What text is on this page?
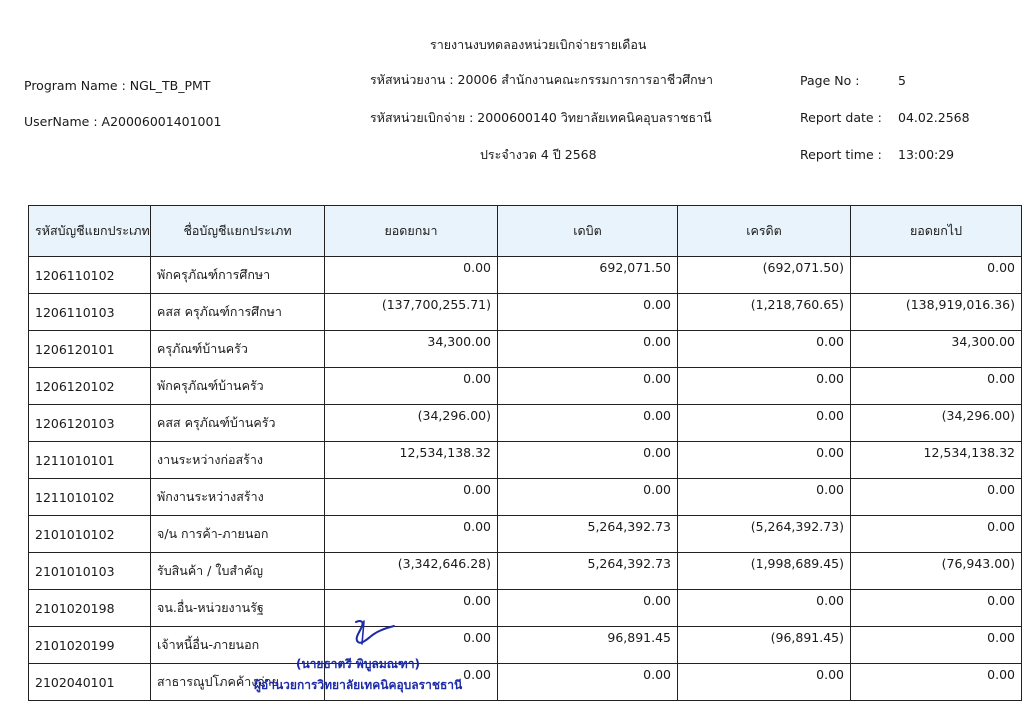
รายงานงบทดลองหน่วยเบิกจ่ายรายเดือน
Program Name : NGL_TB_PMT
UserName : A20006001401001
รหัสหน่วยงาน : 20006 สำนักงานคณะกรรมการการอาชีวศึกษา
รหัสหน่วยเบิกจ่าย : 2000600140 วิทยาลัยเทคนิคอุบลราชธานี
ประจำงวด 4 ปี 2568
Page No :	5
Report date : 04.02.2568
Report time : 13:00:29
รหัสบัญชีแยกประเภท	ชื่อบัญชีแยกประเภท	ยอดยกมา	เดบิต	เครดิต	ยอดยกไป
1206110102	พักครุภัณฑ์การศึกษา	0.00	692,071.50	(692,071.50)	0.00
1206110103	คสส ครุภัณฑ์การศึกษา	(137,700,255.71)	0.00	(1,218,760.65)	(138,919,016.36)
1206120101	ครุภัณฑ์บ้านครัว	34,300.00	0.00	0.00	34,300.00
1206120102	พักครุภัณฑ์บ้านครัว	0.00	0.00	0.00	0.00
1206120103	คสส ครุภัณฑ์บ้านครัว	(34,296.00)	0.00	0.00	(34,296.00)
1211010101	งานระหว่างก่อสร้าง	12,534,138.32	0.00	0.00	12,534,138.32
1211010102	พักงานระหว่างสร้าง	0.00	0.00	0.00	0.00
2101010102	จ/น การค้า-ภายนอก	0.00	5,264,392.73	(5,264,392.73)	0.00
2101010103	รับสินค้า / ใบสำคัญ	(3,342,646.28)	5,264,392.73	(1,998,689.45)	(76,943.00)
2101020198	จน.อื่น-หน่วยงานรัฐ	0.00	0.00	0.00	0.00
2101020199	เจ้าหนี้อื่น-ภายนอก	0.00	96,891.45	(96,891.45)	0.00
2102040101	สาธารณูปโภคค้างจ่าย	0.00	0.00	0.00	0.00
(นายธาตรี พิบูลมณฑา)
ผู้อำนวยการวิทยาลัยเทคนิคอุบลราชธานี
